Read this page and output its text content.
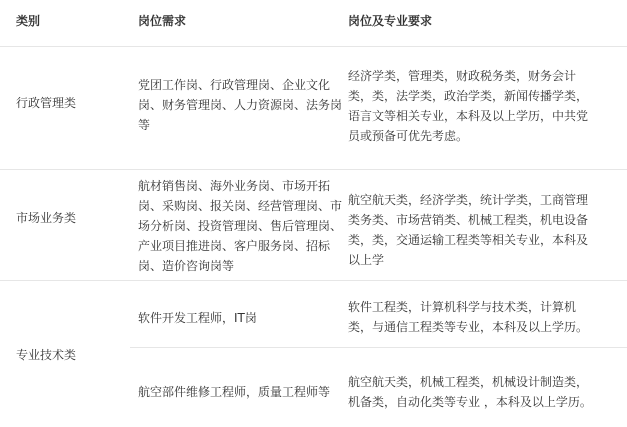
类别	岗位需求	岗位及专业要求
行政管理类
党团工作岗、行政管理岗、企业文化岗、财务管理岗、人力资源岗、法务岗等
经济学类，管理类，财政税务类，财务会计类，类，法学类，政治学类，新闻传播学类，语言文等相关专业，本科及以上学历，中共党员或预备可优先考虑。
市场业务类
航材销售岗、海外业务岗、市场开拓岗、采购岗、报关岗、经营管理岗、市场分析岗、投资管理岗、售后管理岗、产业项目推进岗、客户服务岗、招标岗、造价咨询岗等
航空航天类，经济学类，统计学类，工商管理类务类、市场营销类、机械工程类，机电设备类，类，交通运输工程类等相关专业，本科及以上学
专业技术类
软件开发工程师，IT岗
软件工程类，计算机科学与技术类，计算机类，与通信工程类等专业，本科及以上学历。
航空部件维修工程师，质量工程师等
航空航天类，机械工程类，机械设计制造类，机备类，自动化类等专业 ，本科及以上学历。
